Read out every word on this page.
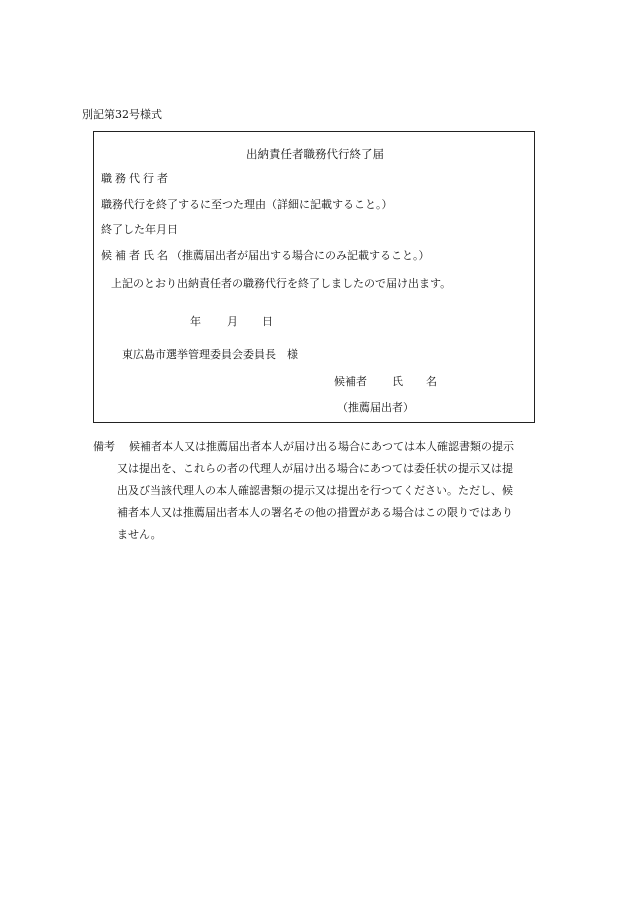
別記第32号様式
出納責任者職務代行終了届
職務代行者
職務代行を終了するに至つた理由（詳細に記載すること。）
終了した年月日
候補者氏名（推薦届出者が届出する場合にのみ記載すること。）
上記のとおり出納責任者の職務代行を終了しましたので届け出ます。
年 月 日
東広島市選挙管理委員会委員長　様
候補者 氏 名
（推薦届出者）
備考 候補者本人又は推薦届出者本人が届け出る場合にあつては本人確認書類の提示
又は提出を、これらの者の代理人が届け出る場合にあつては委任状の提示又は提
出及び当該代理人の本人確認書類の提示又は提出を行つてください。ただし、候
補者本人又は推薦届出者本人の署名その他の措置がある場合はこの限りではあり
ません。
